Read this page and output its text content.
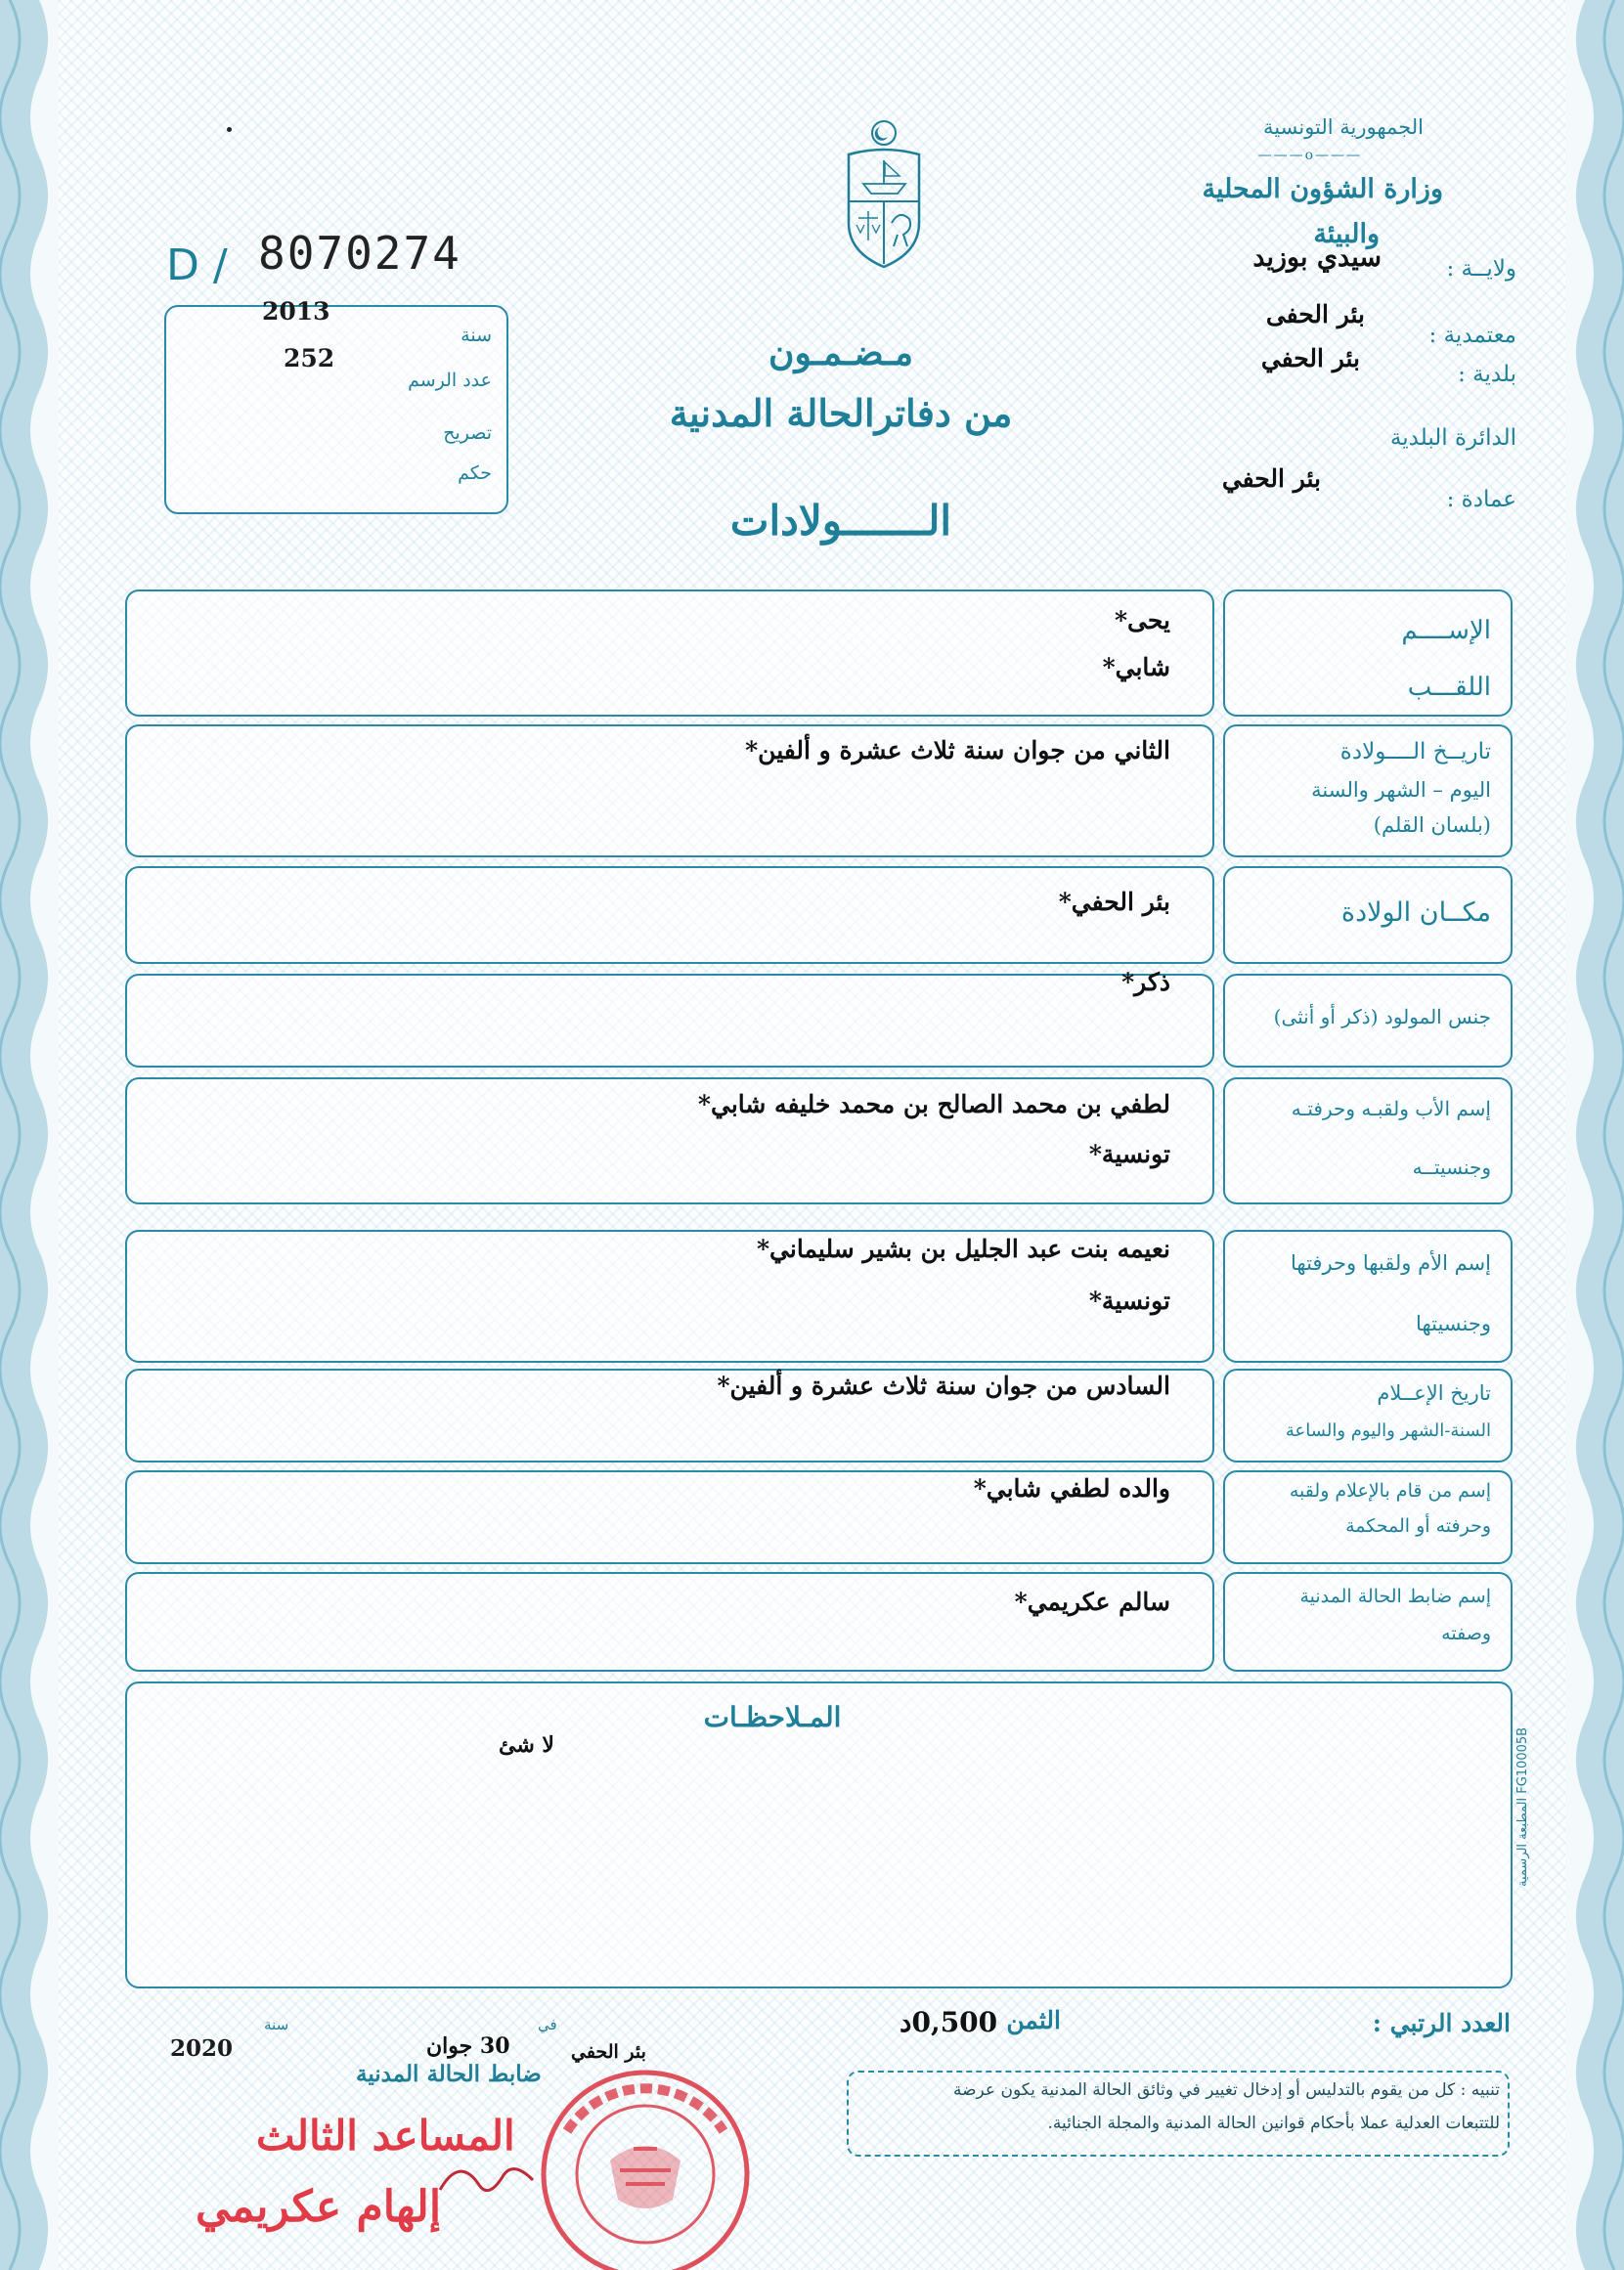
الجمهورية التونسية
———o———
وزارة الشؤون المحلية
والبيئة
ولايــة :
سيدي بوزيد
معتمدية :
بئر الحفى
بلدية :
بئر الحفي
الدائرة البلدية
عمادة :
بئر الحفي
D / 8070274
2013
252
سنة
عدد الرسم
تصريح
حكم
مـضـمـون
من دفاترالحالة المدنية
الـــــــولادات
الإســــم
اللقـــب
يحى*
شابي*
تاريــخ الــــولادة
اليوم – الشهر والسنة
(بلسان القلم)
الثاني من جوان سنة ثلاث عشرة و ألفين*
مكــان الولادة
بئر الحفي*
جنس المولود (ذكر أو أنثى)
ذكر*
إسم الأب ولقبـه وحرفتـه
وجنسيتــه
لطفي بن محمد الصالح بن محمد خليفه شابي*
تونسية*
إسم الأم ولقبها وحرفتها
وجنسيتها
نعيمه بنت عبد الجليل بن بشير سليماني*
تونسية*
تاريخ الإعــلام
السنة-الشهر واليوم والساعة
السادس من جوان سنة ثلاث عشرة و ألفين*
إسم من قام بالإعلام ولقبه
وحرفته أو المحكمة
والده لطفي شابي*
إسم ضابط الحالة المدنية
وصفته
سالم عكريمي*
المـلاحظـات
لا شئ
FG10005B المطبعة الرسمية
العدد الرتبي :
الثمن :
0,500د
سنة
2020
في
بئر الحفي
30 جوان
ضابط الحالة المدنية
تنبيه : كل من يقوم بالتدليس أو إدخال تغيير في وثائق الحالة المدنية يكون عرضة
للتتبعات العدلية عملا بأحكام قوانين الحالة المدنية والمجلة الجنائية.
المساعد الثالث
إلهام عكريمي
